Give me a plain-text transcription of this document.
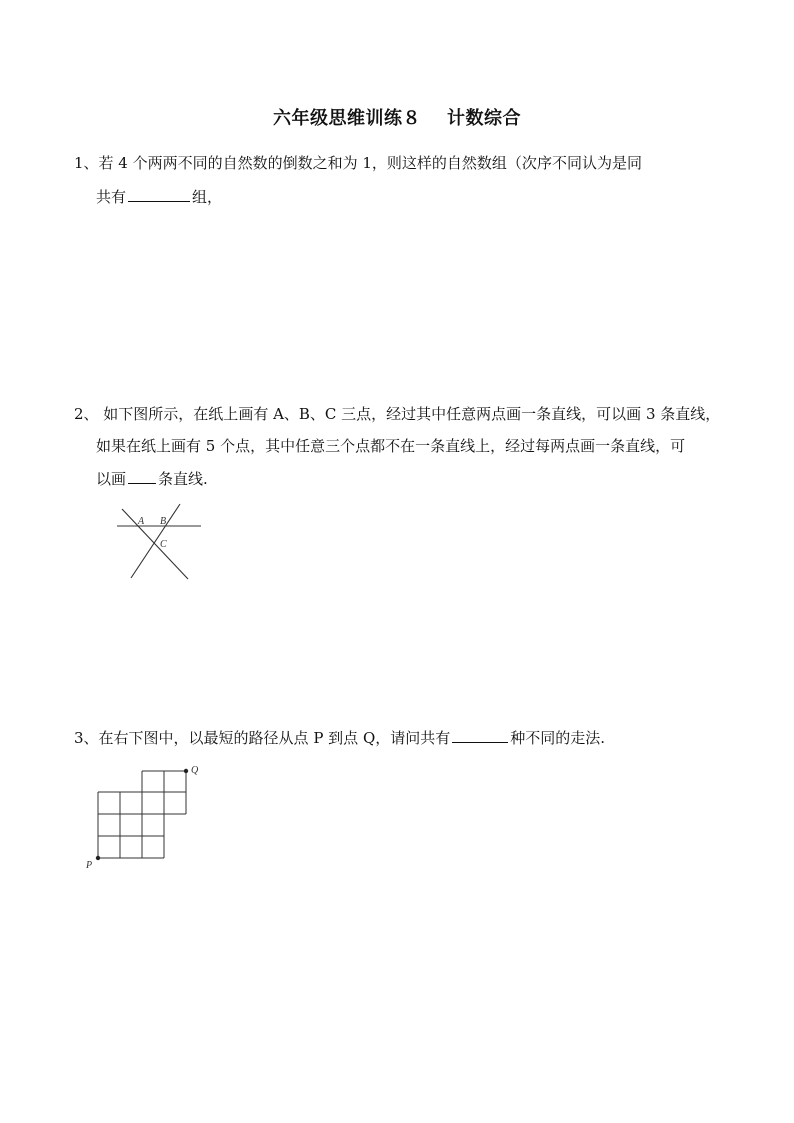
六年级思维训练８ 计数综合
1、若 4 个两两不同的自然数的倒数之和为 1，则这样的自然数组（次序不同认为是同
共有	组，
2、 如下图所示，在纸上画有 A、B、C 三点，经过其中任意两点画一条直线，可以画 3 条直线，
如果在纸上画有 5 个点，其中任意三个点都不在一条直线上，经过每两点画一条直线，可
以画 条直线.
A B
C
3、在右下图中，以最短的路径从点 P 到点 Q，请问共有	种不同的走法.
P
Q
